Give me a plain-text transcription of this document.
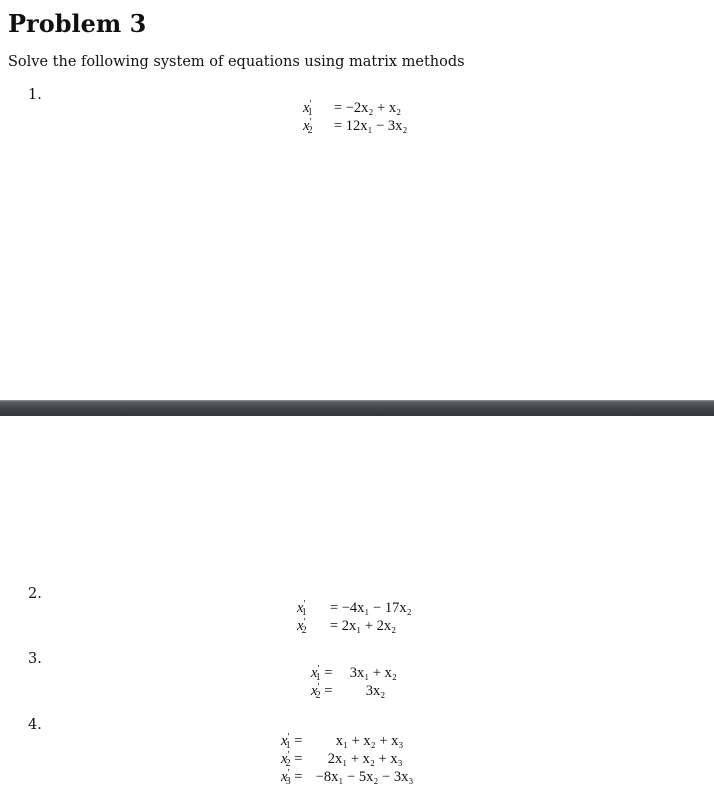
Problem 3
Solve the following system of equations using matrix methods
1.
$x'_1 = -2x_2 + x_2$
$x'_2 = 12x_1 - 3x_2$
2.
$x'_1 = -4x_1 - 17x_2$
$x'_2 = 2x_1 + 2x_2$
3.
$x'_1 = 3x_1 + x_2$
$x'_2 = 3x_2$
4.
$x'_1 = x_1 + x_2 + x_3$
$x'_2 = 2x_1 + x_2 + x_3$
$x'_3 = -8x_1 - 5x_2 - 3x_3$
